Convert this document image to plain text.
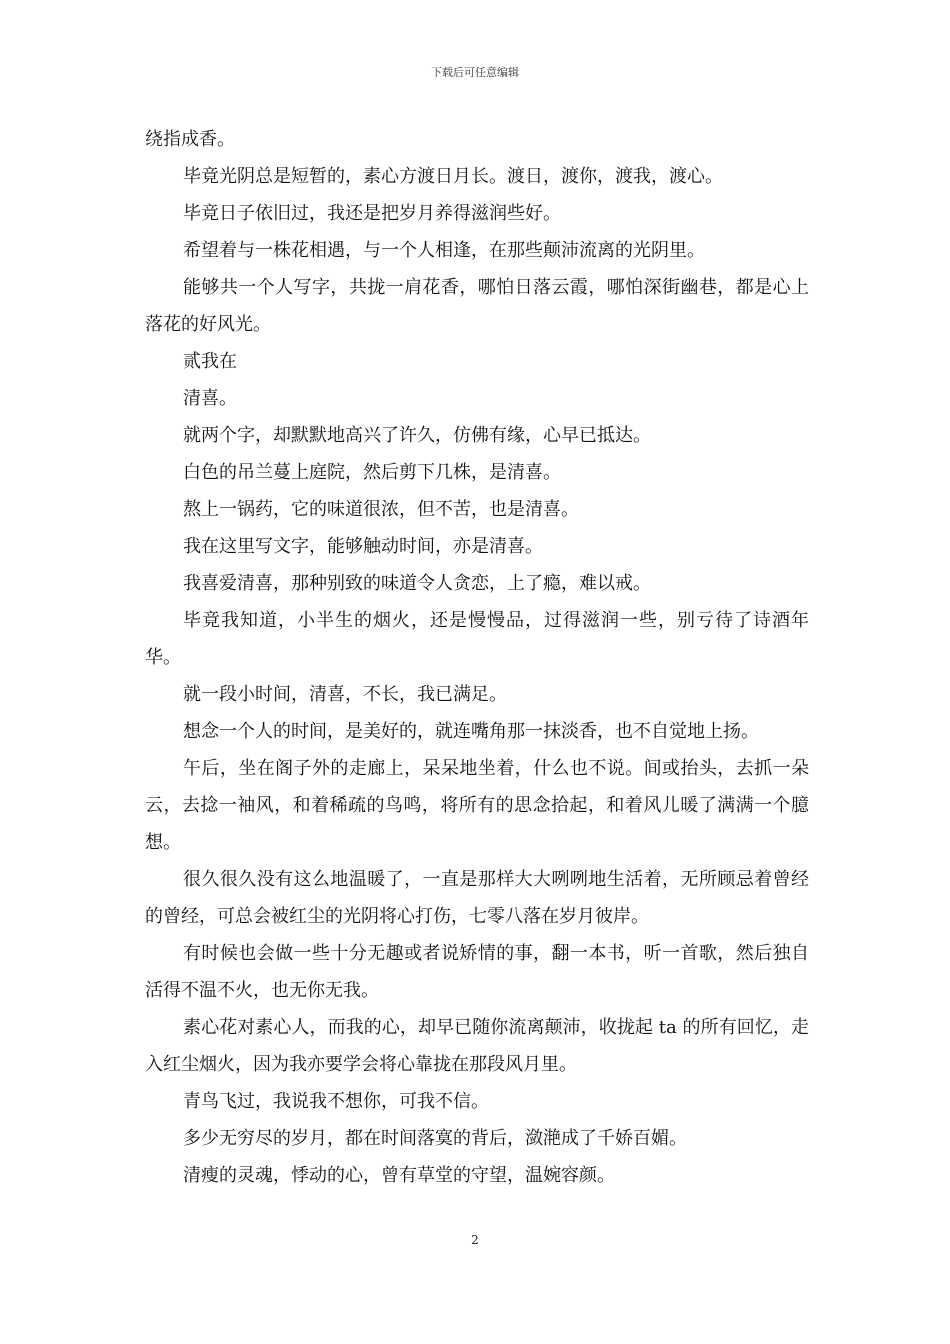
下载后可任意编辑

绕指成香。

毕竟光阴总是短暂的，素心方渡日月长。渡日，渡你，渡我，渡心。

毕竟日子依旧过，我还是把岁月养得滋润些好。

希望着与一株花相遇，与一个人相逢，在那些颠沛流离的光阴里。

能够共一个人写字，共拢一肩花香，哪怕日落云霞，哪怕深街幽巷，都是心上落花的好风光。

贰我在

清喜。

就两个字，却默默地高兴了许久，仿佛有缘，心早已抵达。

白色的吊兰蔓上庭院，然后剪下几株，是清喜。

熬上一锅药，它的味道很浓，但不苦，也是清喜。

我在这里写文字，能够触动时间，亦是清喜。

我喜爱清喜，那种别致的味道令人贪恋，上了瘾，难以戒。

毕竟我知道，小半生的烟火，还是慢慢品，过得滋润一些，别亏待了诗酒年华。

就一段小时间，清喜，不长，我已满足。

想念一个人的时间，是美好的，就连嘴角那一抹淡香，也不自觉地上扬。

午后，坐在阁子外的走廊上，呆呆地坐着，什么也不说。间或抬头，去抓一朵云，去捻一袖风，和着稀疏的鸟鸣，将所有的思念拾起，和着风儿暖了满满一个臆想。

很久很久没有这么地温暖了，一直是那样大大咧咧地生活着，无所顾忌着曾经的曾经，可总会被红尘的光阴将心打伤，七零八落在岁月彼岸。

有时候也会做一些十分无趣或者说矫情的事，翻一本书，听一首歌，然后独自活得不温不火，也无你无我。

素心花对素心人，而我的心，却早已随你流离颠沛，收拢起 ta 的所有回忆，走入红尘烟火，因为我亦要学会将心靠拢在那段风月里。

青鸟飞过，我说我不想你，可我不信。

多少无穷尽的岁月，都在时间落寞的背后，潋滟成了千娇百媚。

清瘦的灵魂，悸动的心，曾有草堂的守望，温婉容颜。

2
